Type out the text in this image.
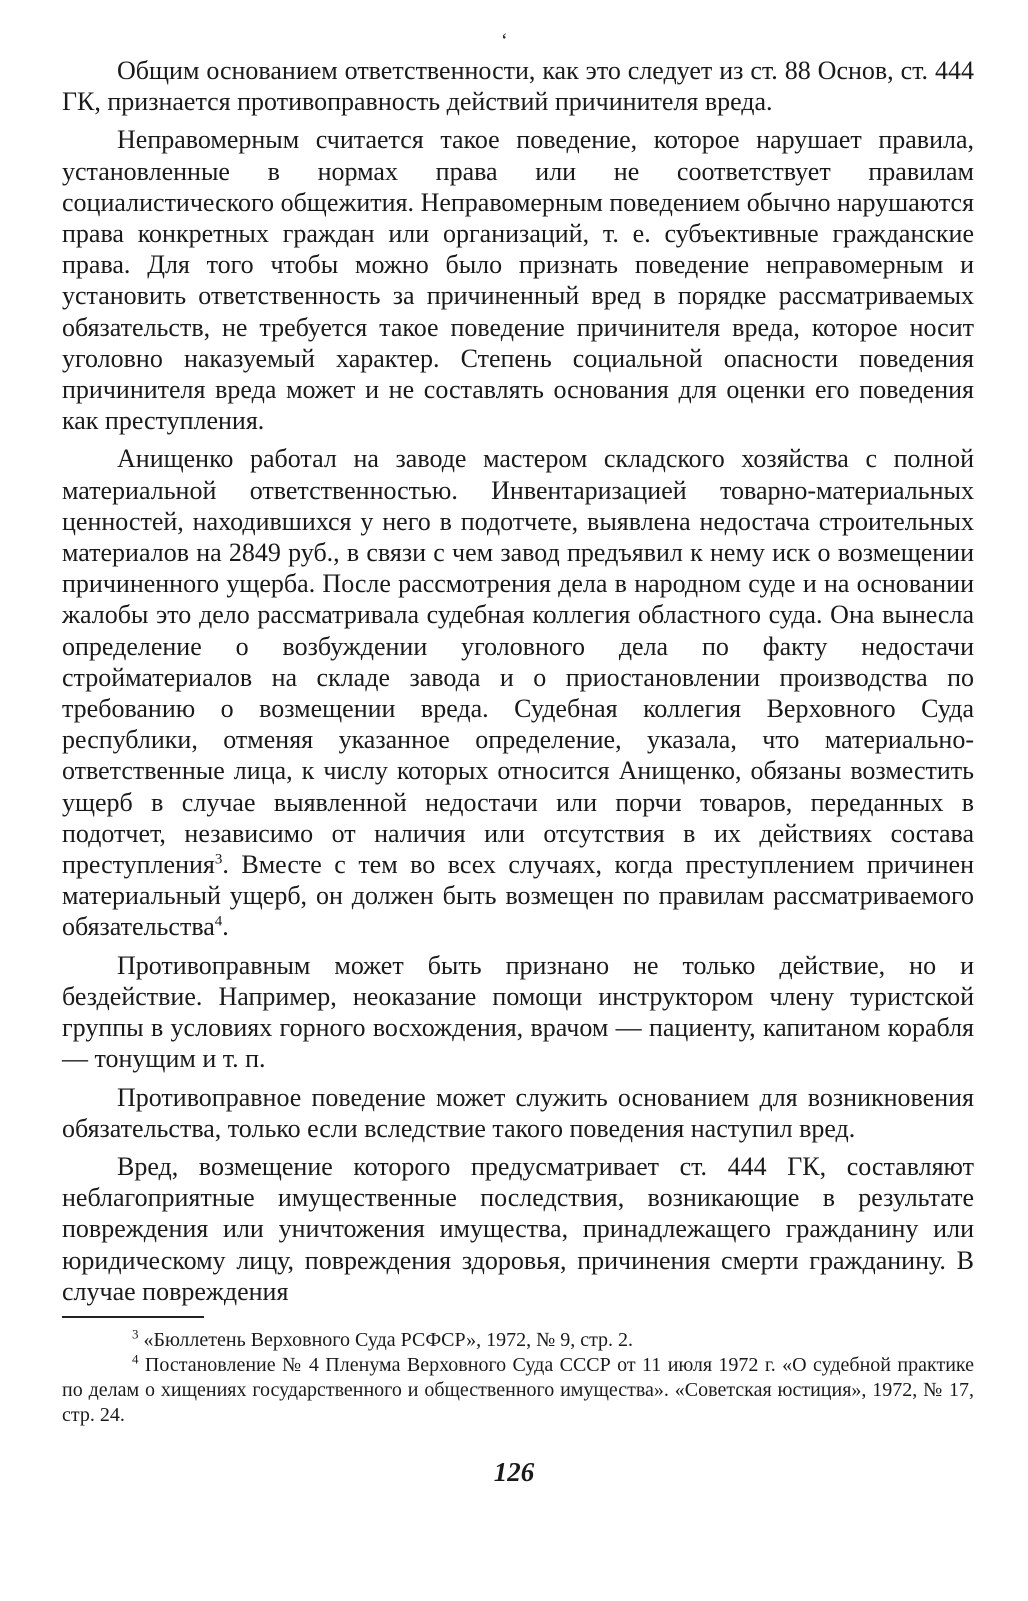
ʻ

Общим основанием ответственности, как это следует из ст. 88 Основ, ст. 444 ГК, признается противоправность действий причинителя вреда.

Неправомерным считается такое поведение, которое нарушает правила, установленные в нормах права или не соответствует правилам социалистического общежития. Неправомерным поведением обычно нарушаются права конкретных граждан или организаций, т. е. субъективные гражданские права. Для того чтобы можно было признать поведение неправомерным и установить ответственность за причиненный вред в порядке рассматриваемых обязательств, не требуется такое поведение причинителя вреда, которое носит уголовно наказуемый характер. Степень социальной опасности поведения причинителя вреда может и не составлять основания для оценки его поведения как преступления.

Анищенко работал на заводе мастером складского хозяйства с полной материальной ответственностью. Инвентаризацией товарно-материальных ценностей, находившихся у него в подотчете, выявлена недостача строительных материалов на 2849 руб., в связи с чем завод предъявил к нему иск о возмещении причиненного ущерба. После рассмотрения дела в народном суде и на основании жалобы это дело рассматривала судебная коллегия областного суда. Она вынесла определение о возбуждении уголовного дела по факту недостачи стройматериалов на складе завода и о приостановлении производства по требованию о возмещении вреда. Судебная коллегия Верховного Суда республики, отменяя указанное определение, указала, что материально-ответственные лица, к числу которых относится Анищенко, обязаны возместить ущерб в случае выявленной недостачи или порчи товаров, переданных в подотчет, независимо от наличия или отсутствия в их действиях состава преступления$^3$. Вместе с тем во всех случаях, когда преступлением причинен материальный ущерб, он должен быть возмещен по правилам рассматриваемого обязательства$^4$.

Противоправным может быть признано не только действие, но и бездействие. Например, неоказание помощи инструктором члену туристской группы в условиях горного восхождения, врачом — пациенту, капитаном корабля — тонущим и т. п.

Противоправное поведение может служить основанием для возникновения обязательства, только если вследствие такого поведения наступил вред.

Вред, возмещение которого предусматривает ст. 444 ГК, составляют неблагоприятные имущественные последствия, возникающие в результате повреждения или уничтожения имущества, принадлежащего гражданину или юридическому лицу, повреждения здоровья, причинения смерти гражданину. В случае повреждения

$^3$ «Бюллетень Верховного Суда РСФСР», 1972, № 9, стр. 2.

$^4$ Постановление № 4 Пленума Верховного Суда СССР от 11 июля 1972 г. «О судебной практике по делам о хищениях государственного и общественного имущества». «Советская юстиция», 1972, № 17, стр. 24.

126
